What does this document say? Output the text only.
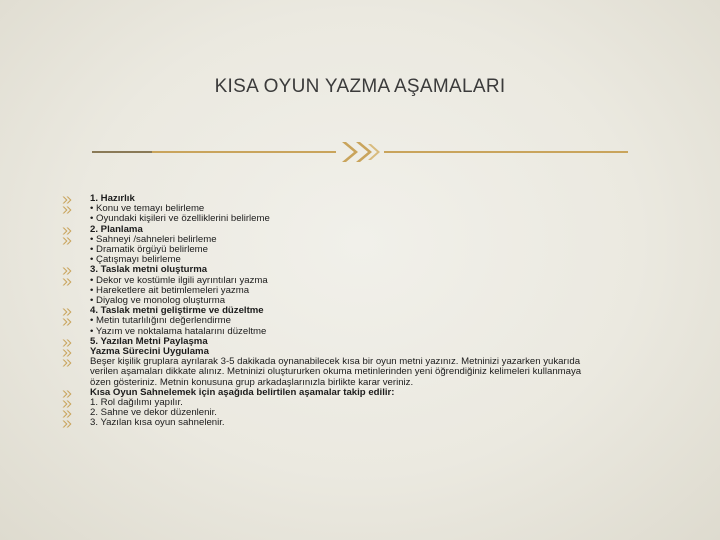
KISA OYUN YAZMA AŞAMALARI
1. Hazırlık
• Konu ve temayı belirleme
• Oyundaki kişileri ve özelliklerini belirleme
2. Planlama
• Sahneyi /sahneleri belirleme
• Dramatik örgüyü belirleme
• Çatışmayı belirleme
3. Taslak metni oluşturma
• Dekor ve kostümle ilgili ayrıntıları yazma
• Hareketlere ait betimlemeleri yazma
• Diyalog ve monolog oluşturma
4. Taslak metni geliştirme ve düzeltme
• Metin tutarlılığını değerlendirme
• Yazım ve noktalama hatalarını düzeltme
5. Yazılan Metni Paylaşma
Yazma Sürecini Uygulama
Beşer kişilik gruplara ayrılarak 3-5 dakikada oynanabilecek kısa bir oyun metni yazınız. Metninizi yazarken yukarıda
verilen aşamaları dikkate alınız. Metninizi oluştururken okuma metinlerinden yeni öğrendiğiniz kelimeleri kullanmaya
özen gösteriniz. Metnin konusuna grup arkadaşlarınızla birlikte karar veriniz.
Kısa Oyun Sahnelemek için aşağıda belirtilen aşamalar takip edilir:
1. Rol dağılımı yapılır.
2. Sahne ve dekor düzenlenir.
3. Yazılan kısa oyun sahnelenir.
